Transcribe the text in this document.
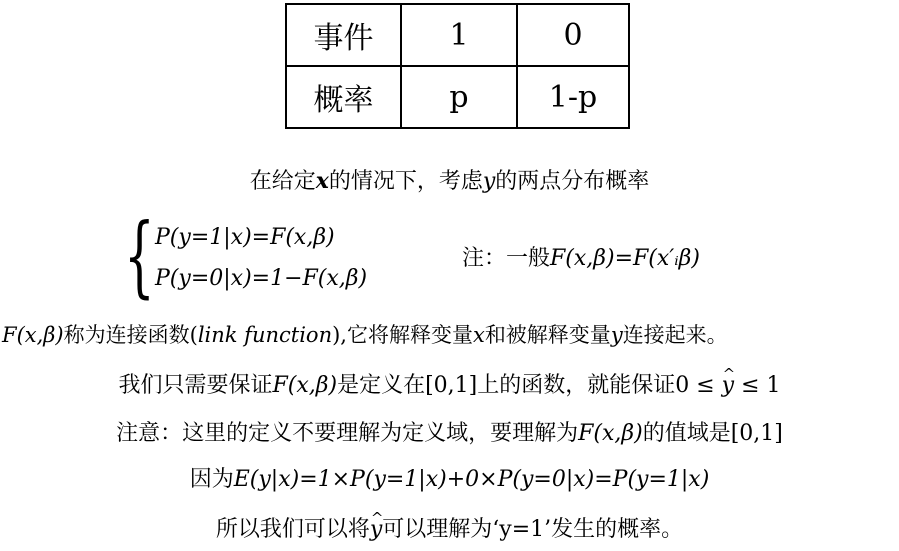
事件	1	0
概率	p	1-p
在给定x的情况下，考虑y的两点分布概率
{ P(y=1|x)=F(x,β)
P(y=0|x)=1−F(x,β)
注：一般F(x,β)=F(x′ᵢβ)
F(x,β)称为连接函数(link function),它将解释变量x和被解释变量y连接起来。
我们只需要保证F(x,β)是定义在[0,1]上的函数，就能保证0 ≤ ^ y ≤ 1
注意：这里的定义不要理解为定义域，要理解为F(x,β)的值域是[0,1]
因为E(y|x)=1×P(y=1|x)+0×P(y=0|x)=P(y=1|x)
所以我们可以将^ y可以理解为‘y=1’发生的概率。
